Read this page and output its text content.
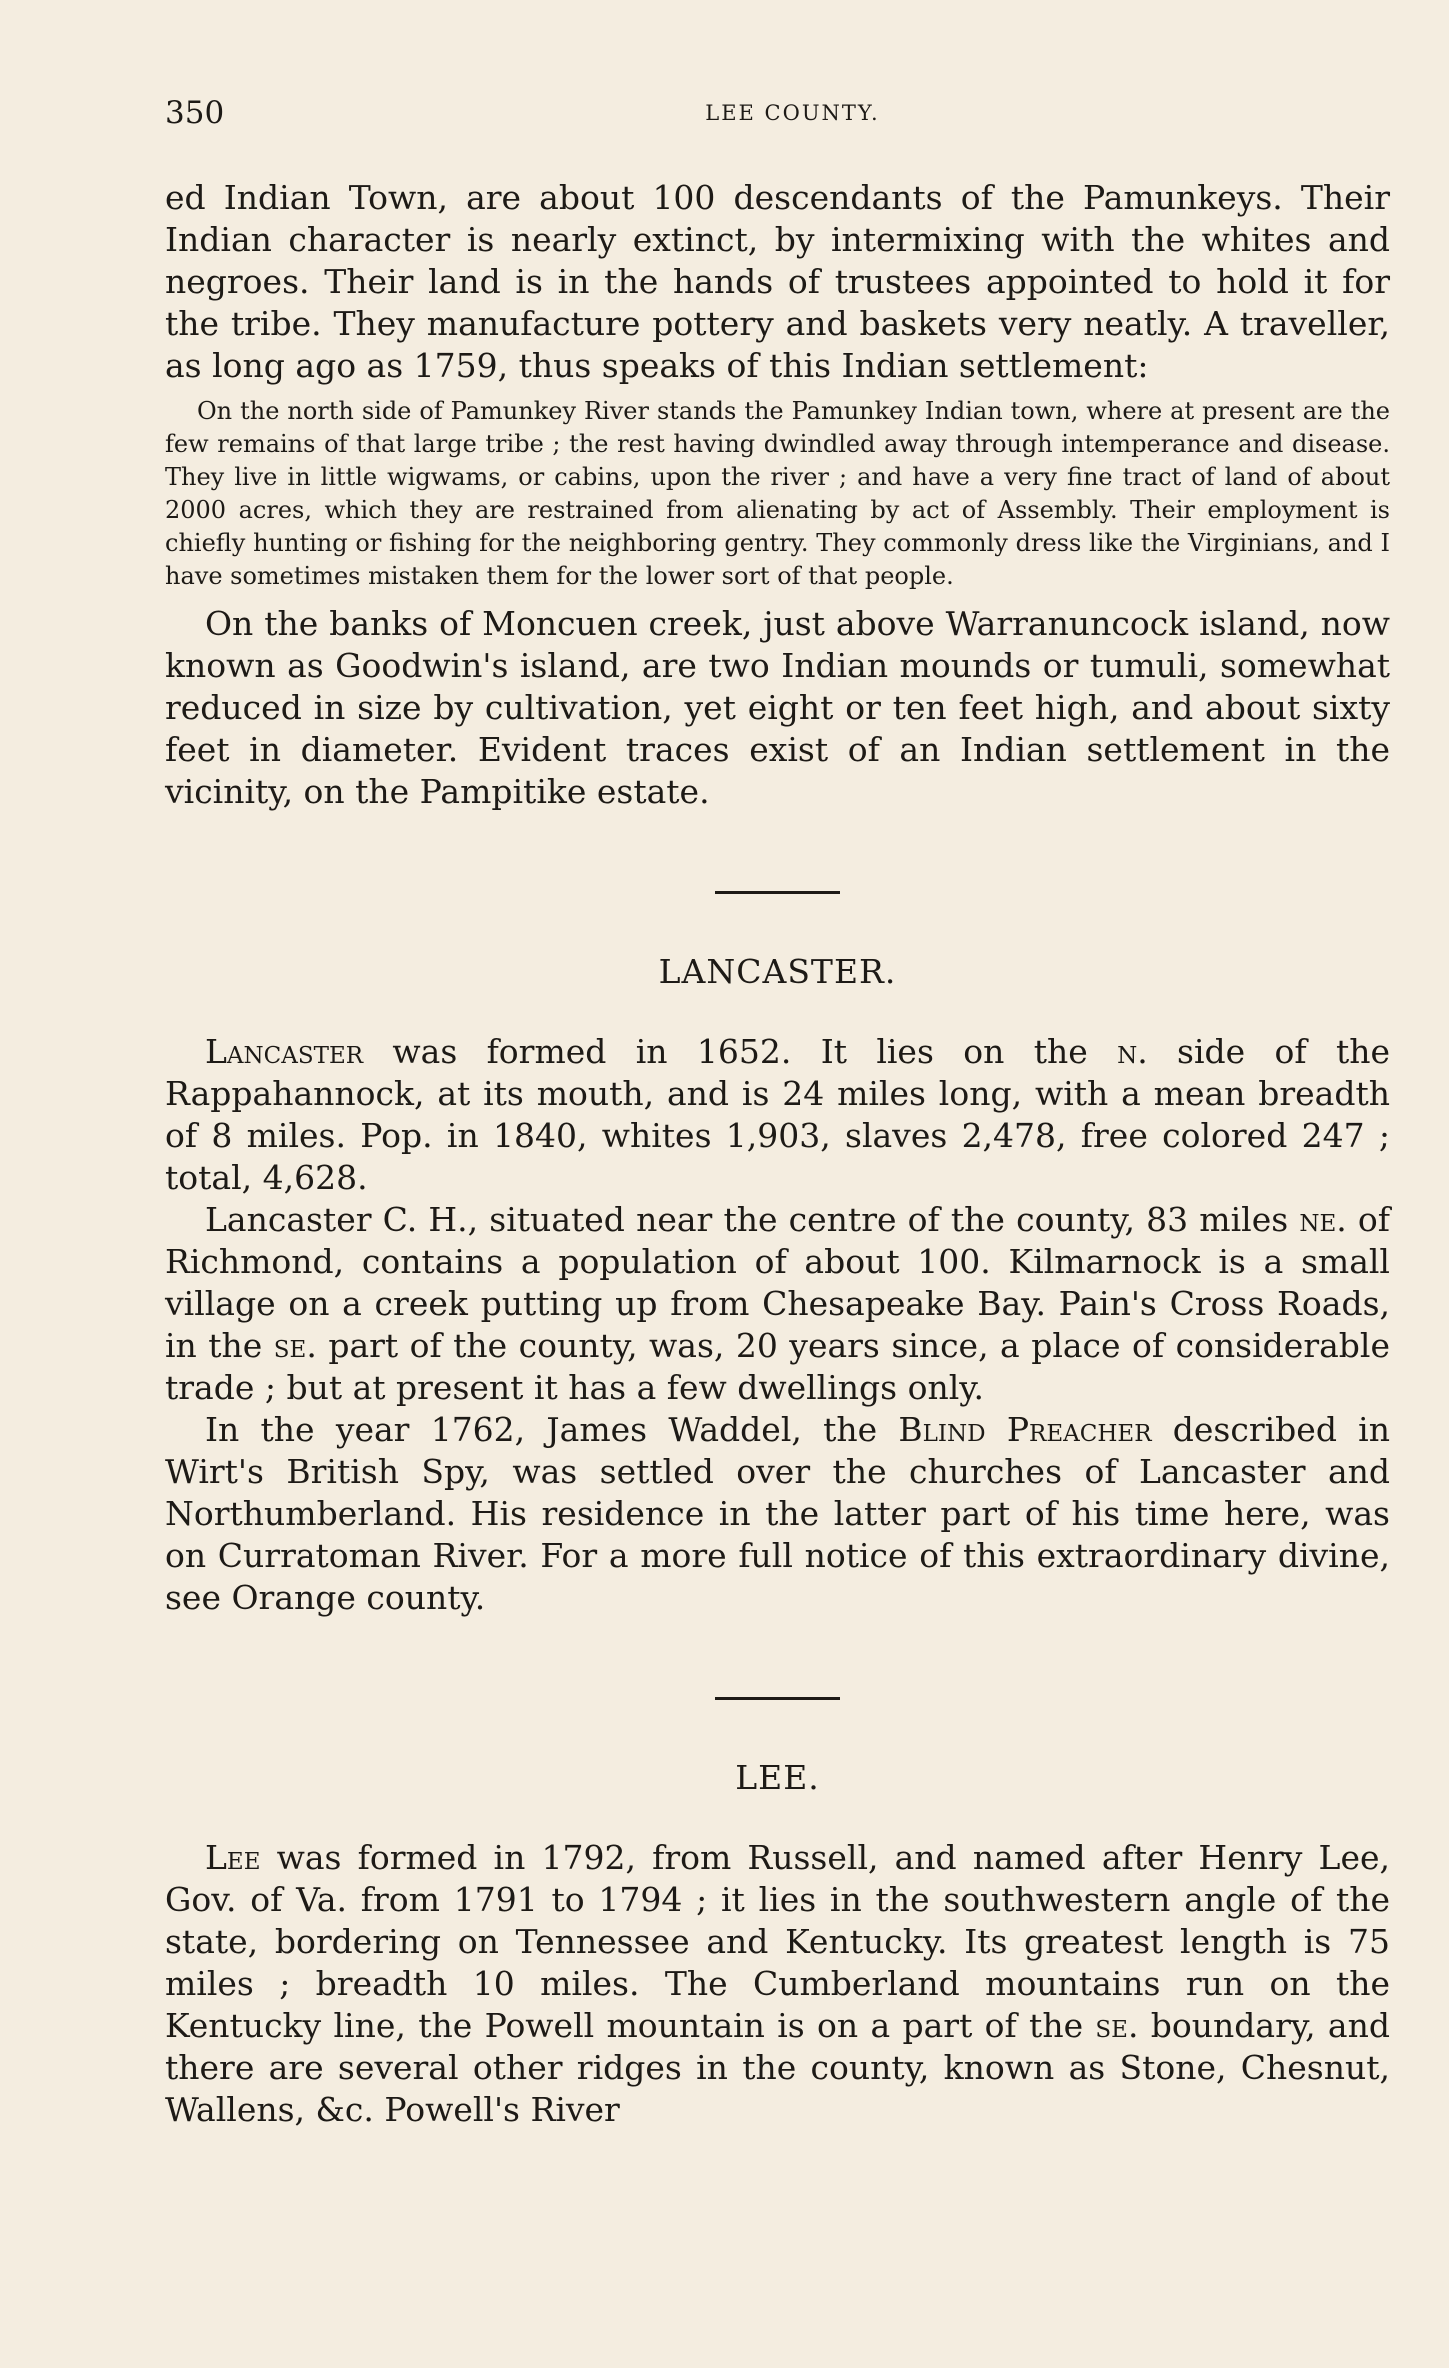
350	LEE COUNTY.

ed Indian Town, are about 100 descendants of the Pamunkeys. Their Indian character is nearly extinct, by intermixing with the whites and negroes. Their land is in the hands of trustees appointed to hold it for the tribe. They manufacture pottery and baskets very neatly. A traveller, as long ago as 1759, thus speaks of this Indian settlement:

On the north side of Pamunkey River stands the Pamunkey Indian town, where at present are the few remains of that large tribe ; the rest having dwindled away through intemperance and disease. They live in little wigwams, or cabins, upon the river ; and have a very fine tract of land of about 2000 acres, which they are restrained from alienating by act of Assembly. Their employment is chiefly hunting or fishing for the neighboring gentry. They commonly dress like the Virginians, and I have sometimes mistaken them for the lower sort of that people.

On the banks of Moncuen creek, just above Warranuncock island, now known as Goodwin's island, are two Indian mounds or tumuli, somewhat reduced in size by cultivation, yet eight or ten feet high, and about sixty feet in diameter. Evident traces exist of an Indian settlement in the vicinity, on the Pampitike estate.

LANCASTER.

Lancaster was formed in 1652. It lies on the n. side of the Rappahannock, at its mouth, and is 24 miles long, with a mean breadth of 8 miles. Pop. in 1840, whites 1,903, slaves 2,478, free colored 247 ; total, 4,628.

Lancaster C. H., situated near the centre of the county, 83 miles ne. of Richmond, contains a population of about 100. Kilmarnock is a small village on a creek putting up from Chesapeake Bay. Pain's Cross Roads, in the se. part of the county, was, 20 years since, a place of considerable trade ; but at present it has a few dwellings only.

In the year 1762, James Waddel, the Blind Preacher described in Wirt's British Spy, was settled over the churches of Lancaster and Northumberland. His residence in the latter part of his time here, was on Curratoman River. For a more full notice of this extraordinary divine, see Orange county.

LEE.

Lee was formed in 1792, from Russell, and named after Henry Lee, Gov. of Va. from 1791 to 1794 ; it lies in the southwestern angle of the state, bordering on Tennessee and Kentucky. Its greatest length is 75 miles ; breadth 10 miles. The Cumberland mountains run on the Kentucky line, the Powell mountain is on a part of the se. boundary, and there are several other ridges in the county, known as Stone, Chesnut, Wallens, &c. Powell's River
